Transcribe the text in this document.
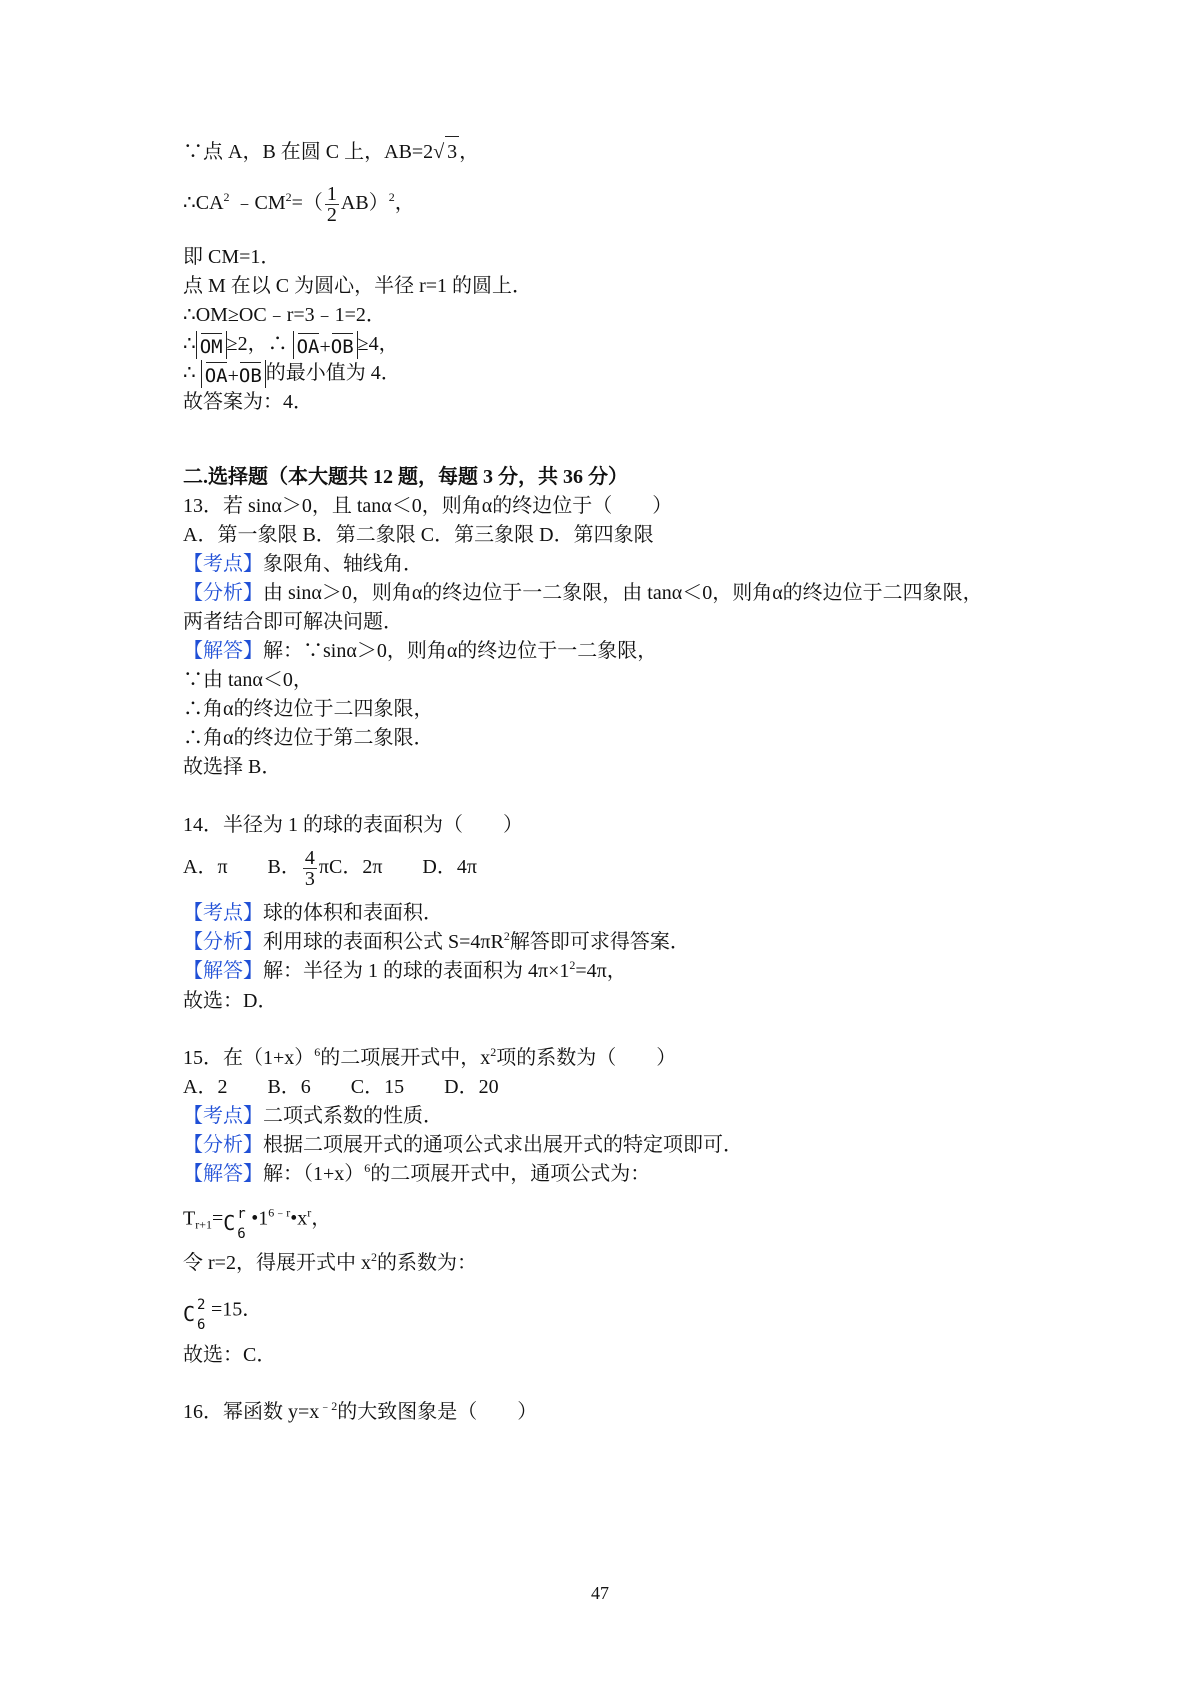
∵点 A，B 在圆 C 上，AB=2√ 3 ，
$\therefore CA^2$ $﹣CM^2=( \frac{1}{2} AB)^2$，
即 CM=1．
点 M 在以 C 为圆心，半径 r=1 的圆上．
∴OM≥OC﹣r=3﹣1=2．
∴ OM ≥2，∴ OA+OB ≥4，
∴ OA+OB 的最小值为 4．
故答案为：4．
二.选择题（本大题共 12 题，每题 3 分，共 36 分）
13．若 sinα＞0，且 tanα＜0，则角α的终边位于（　　）
A．第一象限 B．第二象限 C．第三象限 D．第四象限
【考点】象限角、轴线角．
【分析】由 sinα＞0，则角α的终边位于一二象限，由 tanα＜0，则角α的终边位于二四象限，
两者结合即可解决问题．
【解答】解：∵sinα＞0，则角α的终边位于一二象限，
∵由 tanα＜0，
∴角α的终边位于二四象限，
∴角α的终边位于第二象限．
故选择 B．
14．半径为 1 的球的表面积为（　　）
A．π　　B． $\frac{4}{3}$ πC．2π　　D．4π
【考点】球的体积和表面积．
【分析】利用球的表面积公式 $S=4\pi R^2$解答即可求得答案．
【解答】解：半径为 1 的球的表面积为 $4\pi\times 1^2=4\pi$，
故选：D．
15．在$(1+x)^6$的二项展开式中，$x^2$项的系数为（　　）
A．2　　B．6　　C．15　　D．20
【考点】二项式系数的性质．
【分析】根据二项展开式的通项公式求出展开式的特定项即可．
【解答】解：$(1+x)^6$的二项展开式中，通项公式为：
$T_{r+1}= C$ r
6
$•1^{6﹣r}•x^r$，
令 r=2，得展开式中 $x^2$的系数为：
C 2
6
=15．
故选：C．
16．幂函数 $y=x^{﹣2}$的大致图象是（　　）
47
